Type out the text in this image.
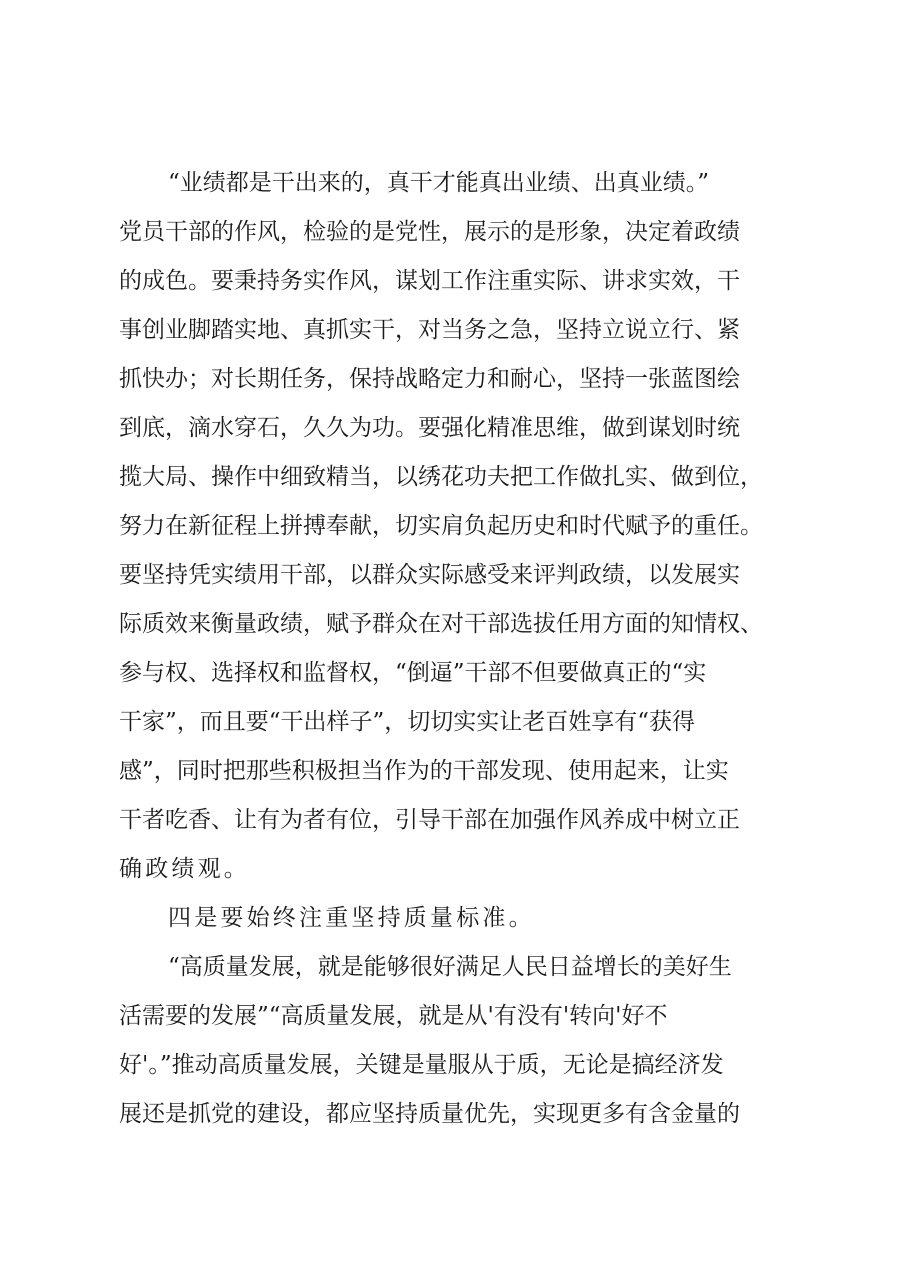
“业绩都是干出来的，真干才能真出业绩、出真业绩。”
党员干部的作风，检验的是党性，展示的是形象，决定着政绩
的成色。要秉持务实作风，谋划工作注重实际、讲求实效，干
事创业脚踏实地、真抓实干，对当务之急，坚持立说立行、紧
抓快办；对长期任务，保持战略定力和耐心，坚持一张蓝图绘
到底，滴水穿石，久久为功。要强化精准思维，做到谋划时统
揽大局、操作中细致精当，以绣花功夫把工作做扎实、做到位，
努力在新征程上拼搏奉献，切实肩负起历史和时代赋予的重任。
要坚持凭实绩用干部，以群众实际感受来评判政绩，以发展实
际质效来衡量政绩，赋予群众在对干部选拔任用方面的知情权、
参与权、选择权和监督权，“倒逼”干部不但要做真正的“实
干家”，而且要“干出样子”，切切实实让老百姓享有“获得
感”，同时把那些积极担当作为的干部发现、使用起来，让实
干者吃香、让有为者有位，引导干部在加强作风养成中树立正
确政绩观。
四是要始终注重坚持质量标准。
“高质量发展，就是能够很好满足人民日益增长的美好生
活需要的发展”“高质量发展，就是从'有没有'转向'好不
好'。”推动高质量发展，关键是量服从于质，无论是搞经济发
展还是抓党的建设，都应坚持质量优先，实现更多有含金量的
